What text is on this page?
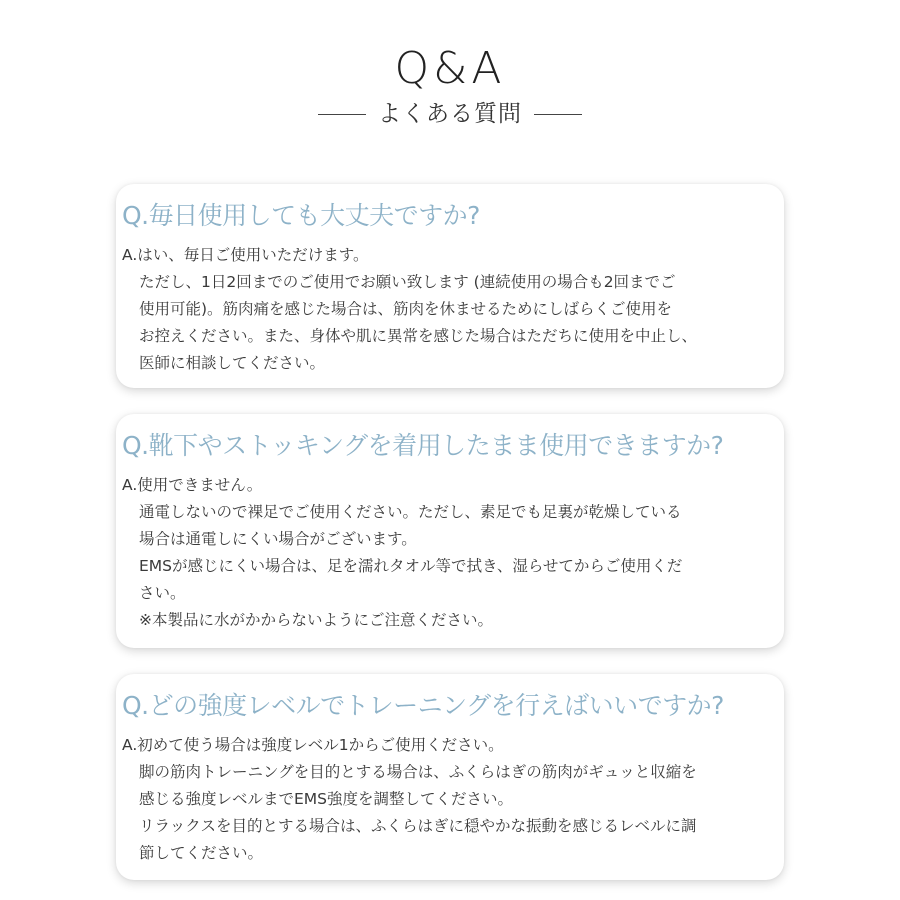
Q&A
よくある質問
Q.毎日使用しても大丈夫ですか?
A.はい、毎日ご使用いただけます。
ただし、1日2回までのご使用でお願い致します (連続使用の場合も2回までご
使用可能)。筋肉痛を感じた場合は、筋肉を休ませるためにしばらくご使用を
お控えください。また、身体や肌に異常を感じた場合はただちに使用を中止し、
医師に相談してください。
Q.靴下やストッキングを着用したまま使用できますか?
A.使用できません。
通電しないので裸足でご使用ください。ただし、素足でも足裏が乾燥している
場合は通電しにくい場合がございます。
EMSが感じにくい場合は、足を濡れタオル等で拭き、湿らせてからご使用くだ
さい。
※本製品に水がかからないようにご注意ください。
Q.どの強度レベルでトレーニングを行えばいいですか?
A.初めて使う場合は強度レベル1からご使用ください。
脚の筋肉トレーニングを目的とする場合は、ふくらはぎの筋肉がギュッと収縮を
感じる強度レベルまでEMS強度を調整してください。
リラックスを目的とする場合は、ふくらはぎに穏やかな振動を感じるレベルに調
節してください。
